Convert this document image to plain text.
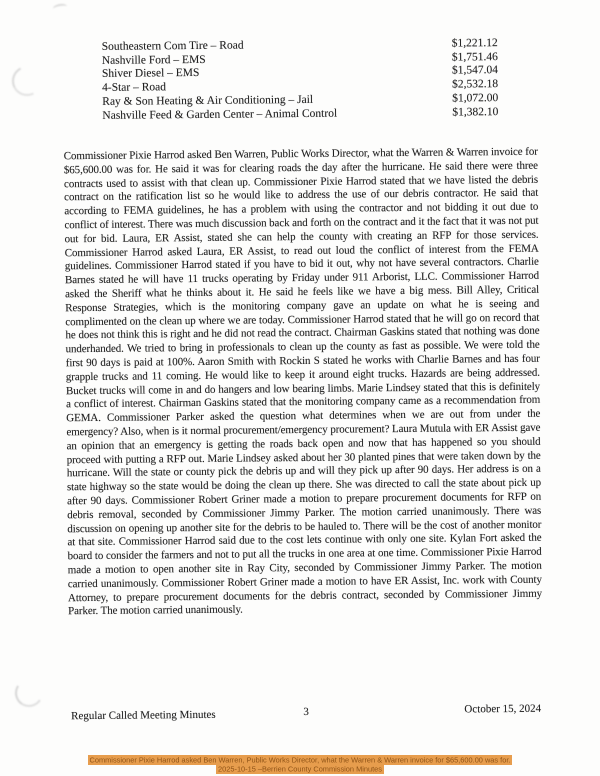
Southeastern Com Tire – Road	$1,221.12
Nashville Ford – EMS	$1,751.46
Shiver Diesel – EMS	$1,547.04
4-Star – Road	$2,532.18
Ray & Son Heating & Air Conditioning – Jail	$1,072.00
Nashville Feed & Garden Center – Animal Control	$1,382.10

Commissioner Pixie Harrod asked Ben Warren, Public Works Director, what the Warren & Warren invoice for $65,600.00 was for. He said it was for clearing roads the day after the hurricane. He said there were three contracts used to assist with that clean up. Commissioner Pixie Harrod stated that we have listed the debris contract on the ratification list so he would like to address the use of our debris contractor. He said that according to FEMA guidelines, he has a problem with using the contractor and not bidding it out due to conflict of interest. There was much discussion back and forth on the contract and it the fact that it was not put out for bid. Laura, ER Assist, stated she can help the county with creating an RFP for those services. Commissioner Harrod asked Laura, ER Assist, to read out loud the conflict of interest from the FEMA guidelines. Commissioner Harrod stated if you have to bid it out, why not have several contractors. Charlie Barnes stated he will have 11 trucks operating by Friday under 911 Arborist, LLC. Commissioner Harrod asked the Sheriff what he thinks about it. He said he feels like we have a big mess. Bill Alley, Critical Response Strategies, which is the monitoring company gave an update on what he is seeing and complimented on the clean up where we are today. Commissioner Harrod stated that he will go on record that he does not think this is right and he did not read the contract. Chairman Gaskins stated that nothing was done underhanded. We tried to bring in professionals to clean up the county as fast as possible. We were told the first 90 days is paid at 100%. Aaron Smith with Rockin S stated he works with Charlie Barnes and has four grapple trucks and 11 coming. He would like to keep it around eight trucks. Hazards are being addressed. Bucket trucks will come in and do hangers and low bearing limbs. Marie Lindsey stated that this is definitely a conflict of interest. Chairman Gaskins stated that the monitoring company came as a recommendation from GEMA. Commissioner Parker asked the question what determines when we are out from under the emergency? Also, when is it normal procurement/emergency procurement? Laura Mutula with ER Assist gave an opinion that an emergency is getting the roads back open and now that has happened so you should proceed with putting a RFP out. Marie Lindsey asked about her 30 planted pines that were taken down by the hurricane. Will the state or county pick the debris up and will they pick up after 90 days. Her address is on a state highway so the state would be doing the clean up there. She was directed to call the state about pick up after 90 days. Commissioner Robert Griner made a motion to prepare procurement documents for RFP on debris removal, seconded by Commissioner Jimmy Parker. The motion carried unanimously. There was discussion on opening up another site for the debris to be hauled to. There will be the cost of another monitor at that site. Commissioner Harrod said due to the cost lets continue with only one site. Kylan Fort asked the board to consider the farmers and not to put all the trucks in one area at one time. Commissioner Pixie Harrod made a motion to open another site in Ray City, seconded by Commissioner Jimmy Parker. The motion carried unanimously. Commissioner Robert Griner made a motion to have ER Assist, Inc. work with County Attorney, to prepare procurement documents for the debris contract, seconded by Commissioner Jimmy Parker. The motion carried unanimously.

Regular Called Meeting Minutes	3	October 15, 2024
Commissioner Pixie Harrod asked Ben Warren, Public Works Director, what the Warren & Warren invoice for $65,600.00 was for.
2025-10-15 –Berrien County Commission Minutes
